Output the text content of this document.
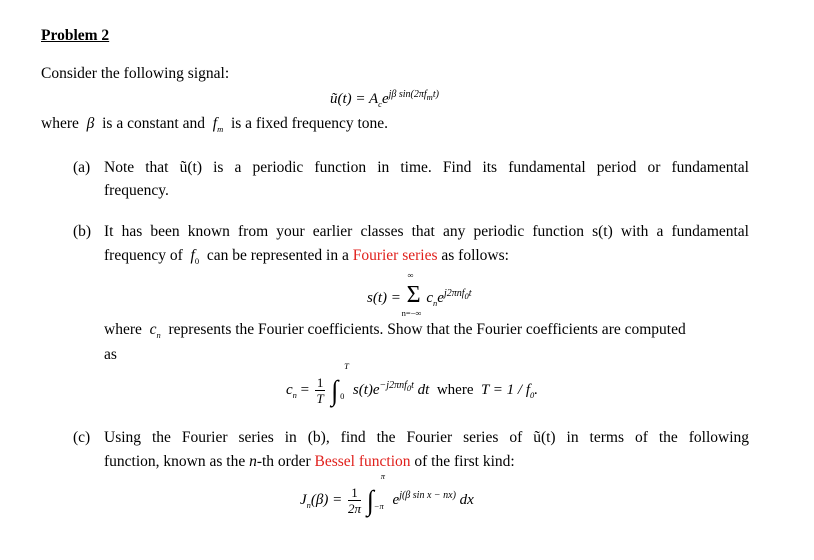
Problem 2
Consider the following signal:
ũ(t) = $A_ce^{j\beta sin(2\pi f_mt)}$
where β is a constant and $f_m$ is a fixed frequency tone.
(a) Note that ũ(t) is a periodic function in time. Find its fundamental period or fundamental
frequency.
(b) It has been known from your earlier classes that any periodic function s(t) with a fundamental
frequency of $f_0$ can be represented in a Fourier series as follows:
s(t) =
∞
Σ
n=−∞
$c_ne^{j2\pi nf_0t}$
where $c_n$ represents the Fourier coefficients. Show that the Fourier coefficients are computed
as
$c_n = \frac{1}{T}$ ∫
T
0 $s(t)e^{-j2\pi nf_0t}$ dt where $T = 1 / f_0$.
(c) Using the Fourier series in (b), find the Fourier series of ũ(t) in terms of the following
function, known as the n-th order Bessel function of the first kind:
$J_n(\beta) = \frac{1}{2\pi}$ ∫
π
−π $e^{j(\beta sin x - nx)}$ dx
